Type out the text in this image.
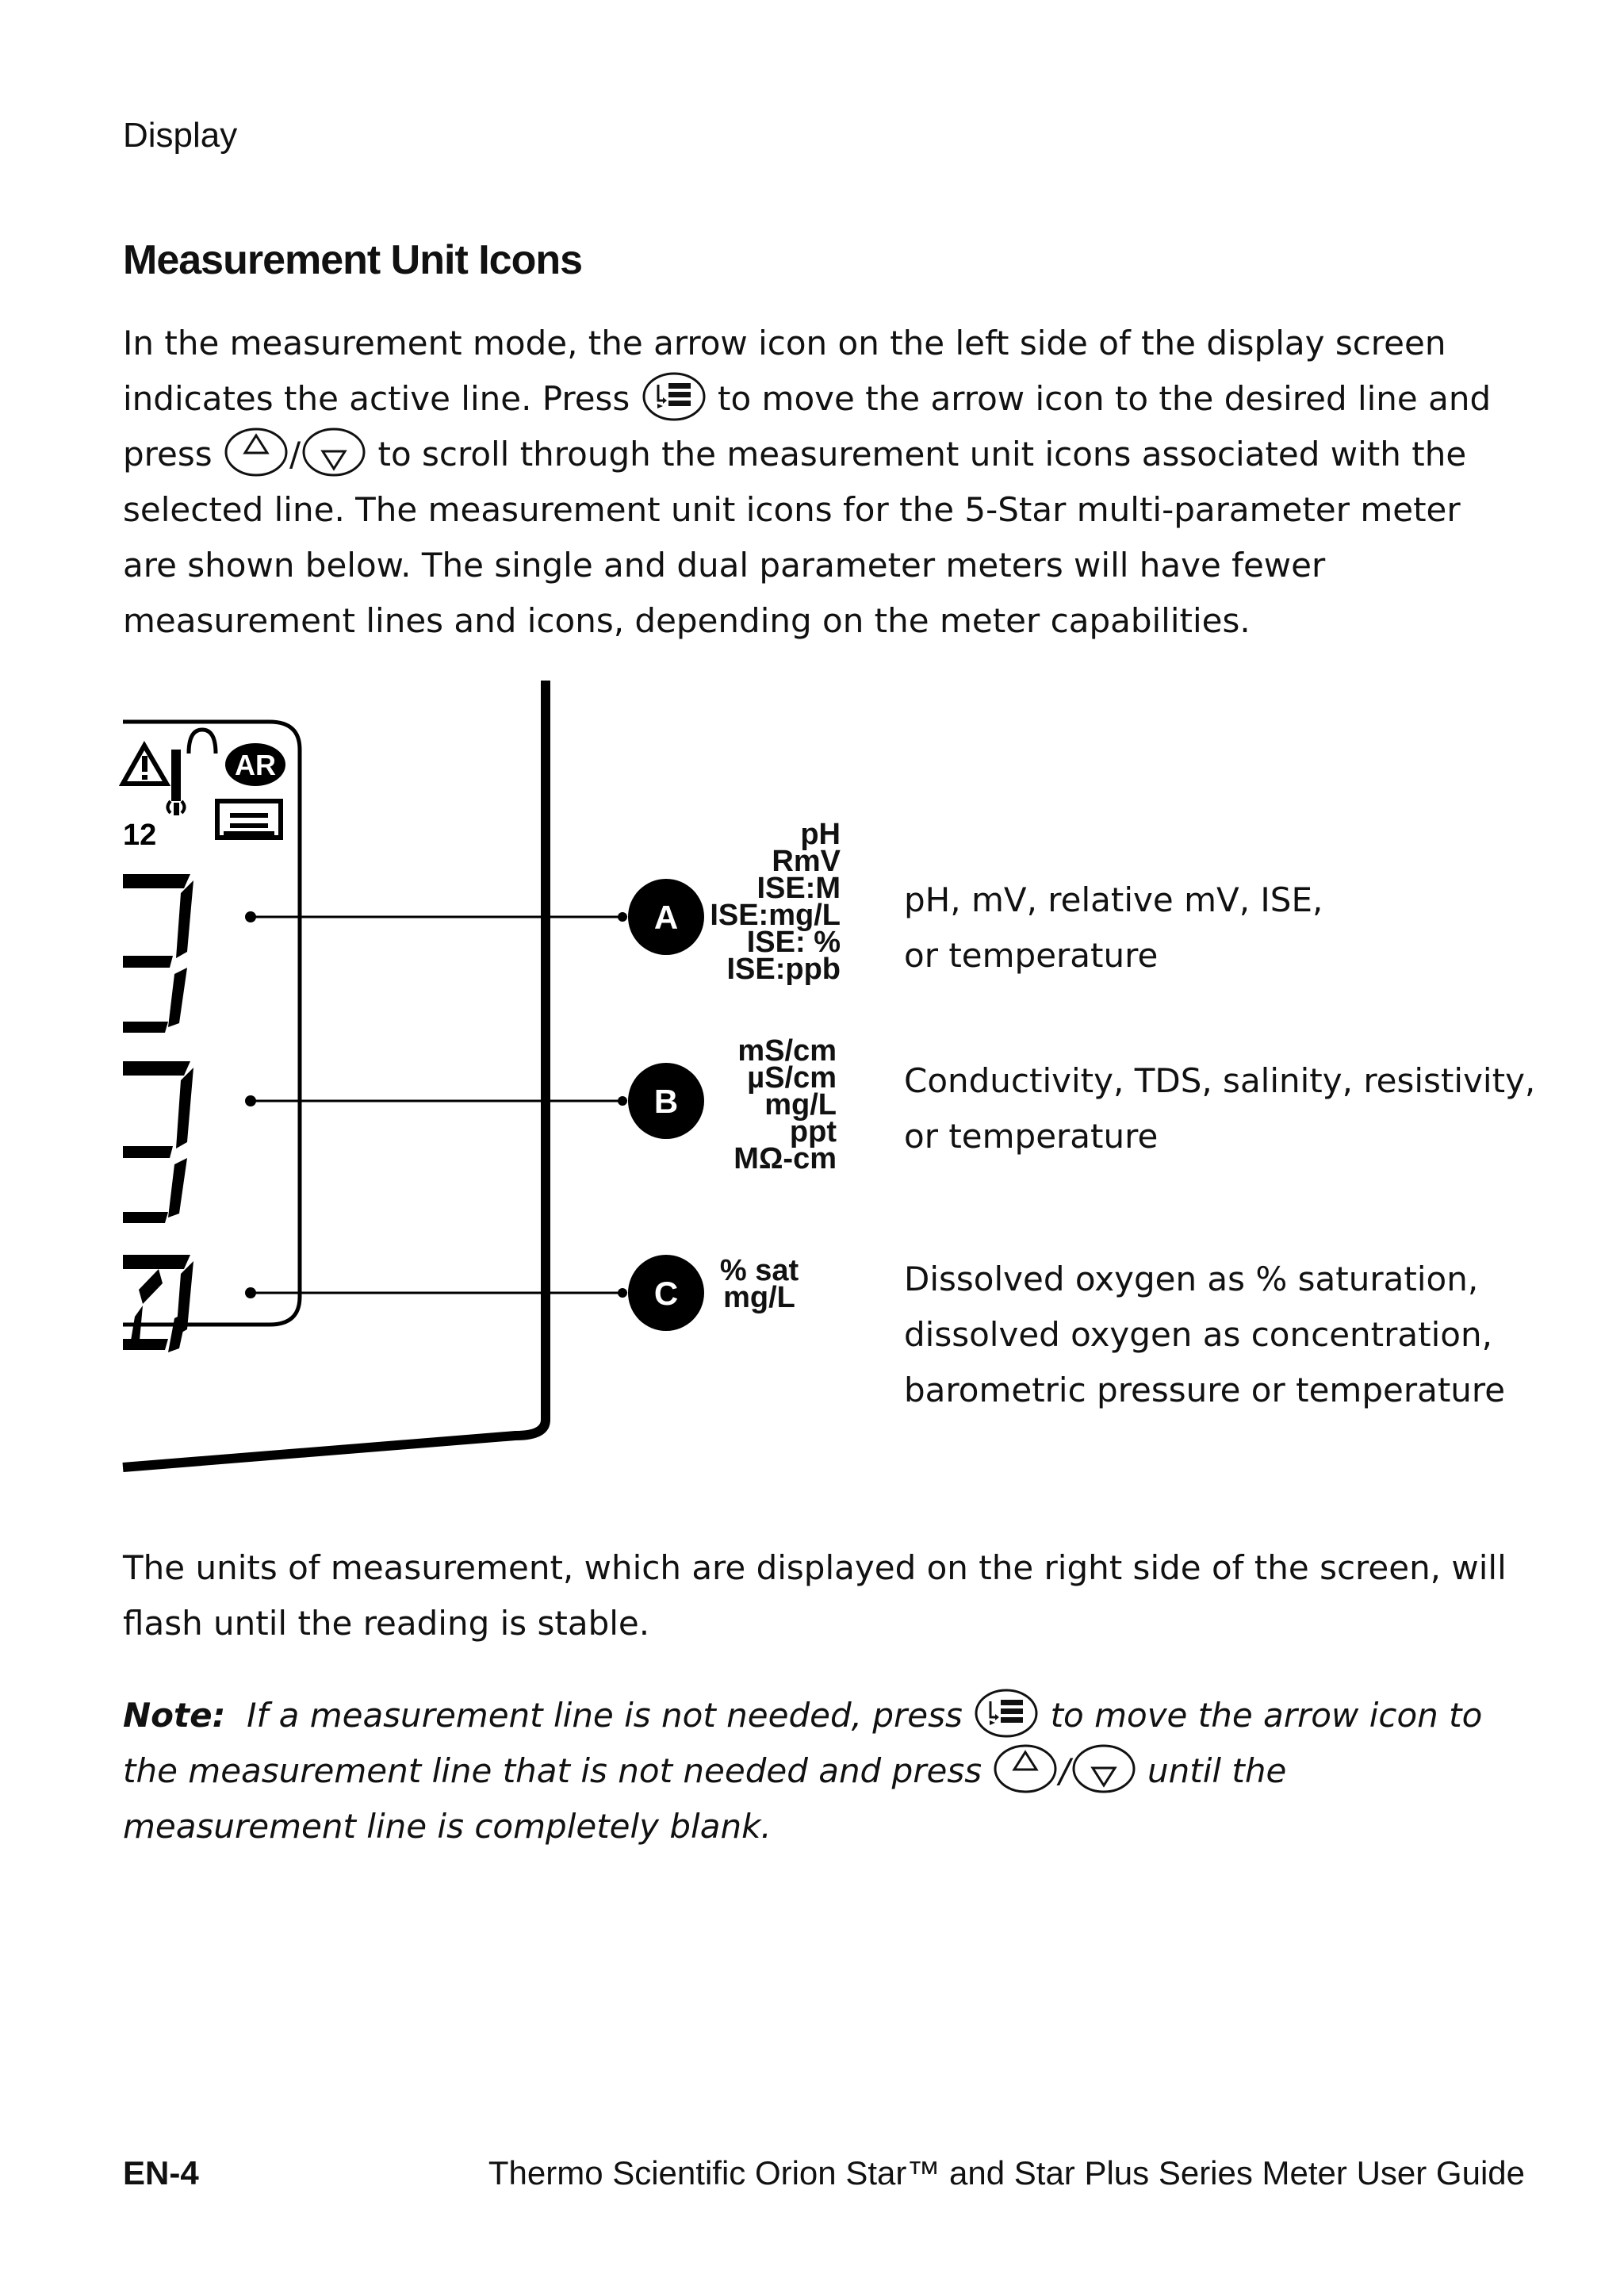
Display
Measurement Unit Icons
In the measurement mode, the arrow icon on the left side of the display screen indicates the active line. Press	to move the arrow icon to the desired line and press / to scroll through the measurement unit icons associated with the selected line. The measurement unit icons for the 5-Star multi-parameter meter are shown below. The single and dual parameter meters will have fewer measurement lines and icons, depending on the meter capabilities.
AR
12
A
B
C
pH
RmV
ISE:M
ISE:mg/L
ISE: %
ISE:ppb
mS/cm
µS/cm
mg/L
ppt
MΩ-cm
% sat
mg/L
pH, mV, relative mV, ISE,
or temperature
Conductivity, TDS, salinity, resistivity,
or temperature
Dissolved oxygen as % saturation,
dissolved oxygen as concentration,
barometric pressure or temperature
The units of measurement, which are displayed on the right side of the screen, will flash until the reading is stable.
Note: If a measurement line is not needed, press	to move the arrow icon to the measurement line that is not needed and press / until the measurement line is completely blank.
EN-4	Thermo Scientific Orion Star™ and Star Plus Series Meter User Guide
